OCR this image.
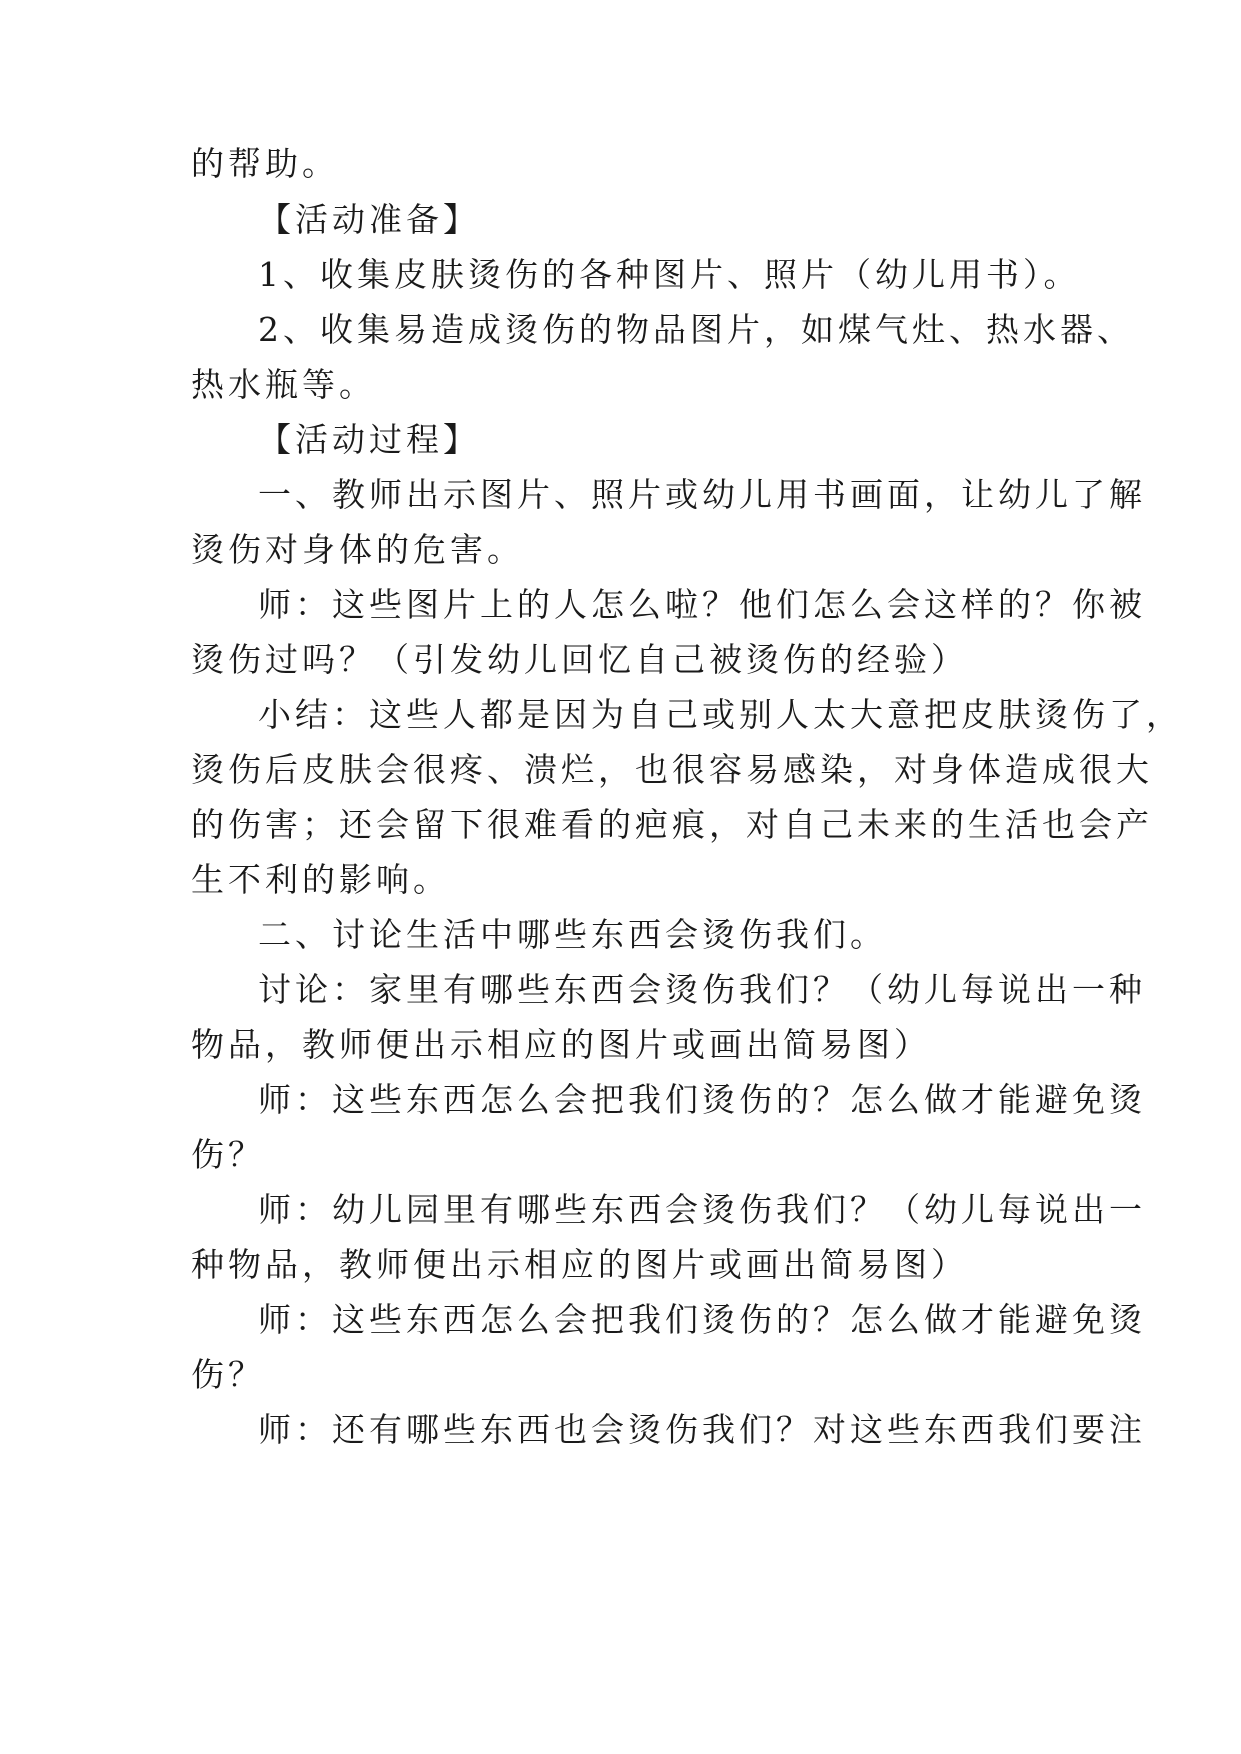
的帮助。
【活动准备】
1、收集皮肤烫伤的各种图片、照片（幼儿用书）。
2、收集易造成烫伤的物品图片，如煤气灶、热水器、
热水瓶等。
【活动过程】
一、教师出示图片、照片或幼儿用书画面，让幼儿了解
烫伤对身体的危害。
师：这些图片上的人怎么啦？他们怎么会这样的？你被
烫伤过吗？（引发幼儿回忆自己被烫伤的经验）
小结：这些人都是因为自己或别人太大意把皮肤烫伤了，
烫伤后皮肤会很疼、溃烂，也很容易感染，对身体造成很大
的伤害；还会留下很难看的疤痕，对自己未来的生活也会产
生不利的影响。
二、讨论生活中哪些东西会烫伤我们。
讨论：家里有哪些东西会烫伤我们？（幼儿每说出一种
物品，教师便出示相应的图片或画出简易图）
师：这些东西怎么会把我们烫伤的？怎么做才能避免烫
伤？
师：幼儿园里有哪些东西会烫伤我们？（幼儿每说出一
种物品，教师便出示相应的图片或画出简易图）
师：这些东西怎么会把我们烫伤的？怎么做才能避免烫
伤？
师：还有哪些东西也会烫伤我们？对这些东西我们要注
